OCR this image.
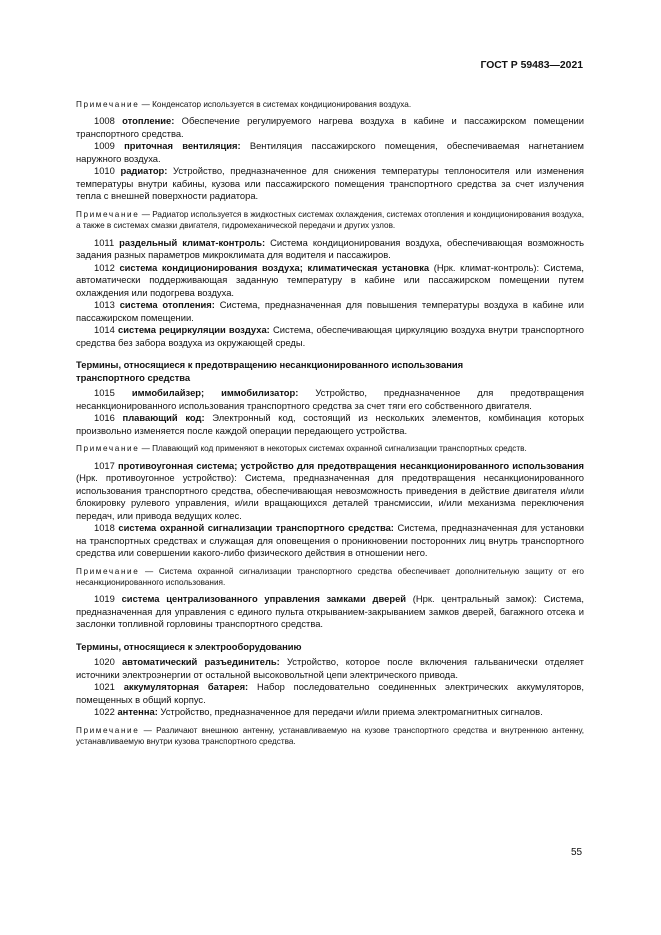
ГОСТ Р 59483—2021

Примечание — Конденсатор используется в системах кондиционирования воздуха.

1008 отопление: Обеспечение регулируемого нагрева воздуха в кабине и пассажирском помещении транспортного средства.

1009 приточная вентиляция: Вентиляция пассажирского помещения, обеспечиваемая нагнетанием наружного воздуха.

1010 радиатор: Устройство, предназначенное для снижения температуры теплоносителя или изменения температуры внутри кабины, кузова или пассажирского помещения транспортного средства за счет излучения тепла с внешней поверхности радиатора.

Примечание — Радиатор используется в жидкостных системах охлаждения, системах отопления и кондиционирования воздуха, а также в системах смазки двигателя, гидромеханической передачи и других узлов.

1011 раздельный климат-контроль: Система кондиционирования воздуха, обеспечивающая возможность задания разных параметров микроклимата для водителя и пассажиров.

1012 система кондиционирования воздуха; климатическая установка (Нрк. климат-контроль): Система, автоматически поддерживающая заданную температуру в кабине или пассажирском помещении путем охлаждения или подогрева воздуха.

1013 система отопления: Система, предназначенная для повышения температуры воздуха в кабине или пассажирском помещении.

1014 система рециркуляции воздуха: Система, обеспечивающая циркуляцию воздуха внутри транспортного средства без забора воздуха из окружающей среды.

Термины, относящиеся к предотвращению несанкционированного использования
транспортного средства

1015 иммобилайзер; иммобилизатор: Устройство, предназначенное для предотвращения несанкционированного использования транспортного средства за счет тяги его собственного двигателя.

1016 плавающий код: Электронный код, состоящий из нескольких элементов, комбинация которых произвольно изменяется после каждой операции передающего устройства.

Примечание — Плавающий код применяют в некоторых системах охранной сигнализации транспортных средств.

1017 противоугонная система; устройство для предотвращения несанкционированного использования (Нрк. противоугонное устройство): Система, предназначенная для предотвращения несанкционированного использования транспортного средства, обеспечивающая невозможность приведения в действие двигателя и/или блокировку рулевого управления, и/или вращающихся деталей трансмиссии, и/или механизма переключения передач, или привода ведущих колес.

1018 система охранной сигнализации транспортного средства: Система, предназначенная для установки на транспортных средствах и служащая для оповещения о проникновении посторонних лиц внутрь транспортного средства или совершении какого-либо физического действия в отношении него.

Примечание — Система охранной сигнализации транспортного средства обеспечивает дополнительную защиту от его несанкционированного использования.

1019 система централизованного управления замками дверей (Нрк. центральный замок): Система, предназначенная для управления с единого пульта открыванием-закрыванием замков дверей, багажного отсека и заслонки топливной горловины транспортного средства.

Термины, относящиеся к электрооборудованию

1020 автоматический разъединитель: Устройство, которое после включения гальванически отделяет источники электроэнергии от остальной высоковольтной цепи электрического привода.

1021 аккумуляторная батарея: Набор последовательно соединенных электрических аккумуляторов, помещенных в общий корпус.

1022 антенна: Устройство, предназначенное для передачи и/или приема электромагнитных сигналов.

Примечание — Различают внешнюю антенну, устанавливаемую на кузове транспортного средства и внутреннюю антенну, устанавливаемую внутри кузова транспортного средства.

55
